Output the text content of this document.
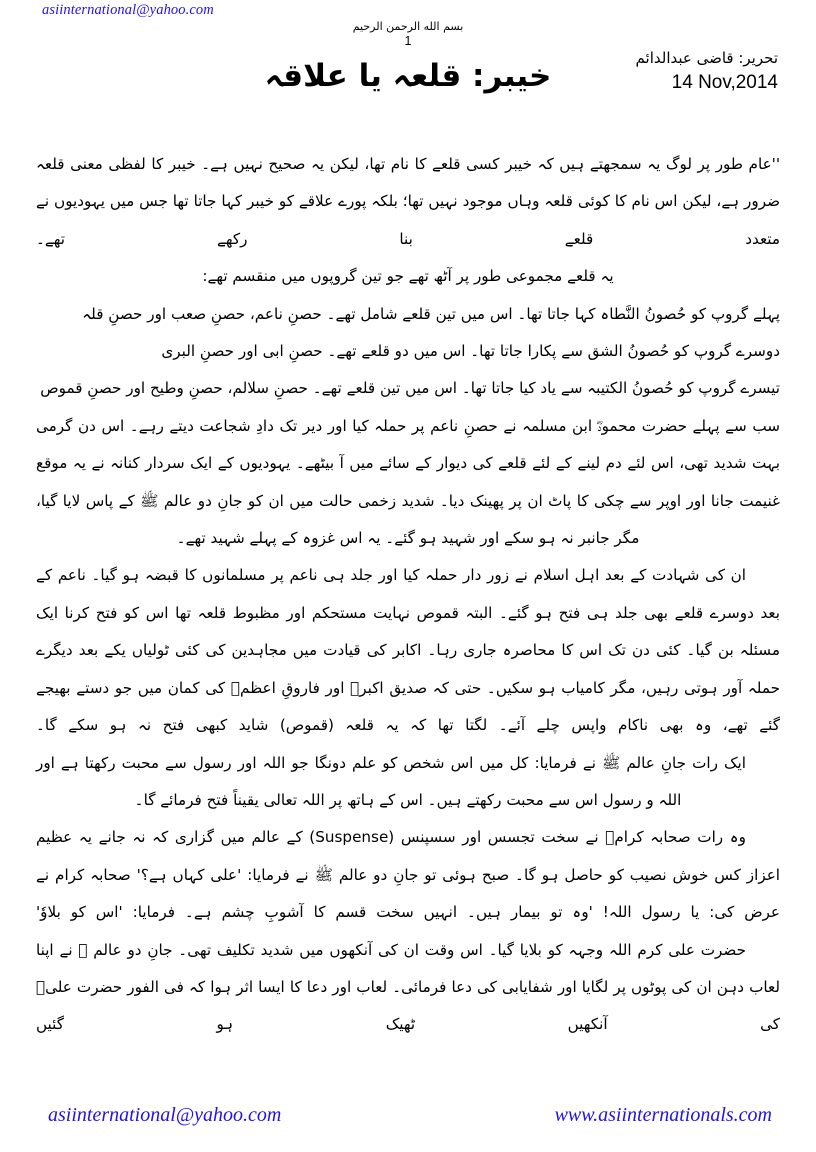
asiinternational@yahoo.com
بسم الله الرحمن الرحيم
1
تحریر: قاضی عبدالدائم
14 Nov,2014
خیبر: قلعہ یا علاقہ

''عام طور پر لوگ یہ سمجھتے ہیں کہ خیبر کسی قلعے کا نام تھا، لیکن یہ صحیح نہیں ہے۔ خیبر کا لفظی معنی قلعہ ضرور ہے، لیکن اس نام کا کوئی قلعہ وہاں موجود نہیں تھا؛ بلکہ پورے علاقے کو خیبر کہا جاتا تھا جس میں یہودیوں نے متعدد قلعے بنا رکھے تھے۔

یہ قلعے مجموعی طور پر آٹھ تھے جو تین گروپوں میں منقسم تھے:

پہلے گروپ کو حُصونُ النَّطاہ کہا جاتا تھا۔ اس میں تین قلعے شامل تھے۔ حصنِ ناعم، حصنِ صعب اور حصنِ قلہ

دوسرے گروپ کو حُصونُ الشق سے پکارا جاتا تھا۔ اس میں دو قلعے تھے۔ حصنِ ابی اور حصنِ البری

تیسرے گروپ کو حُصونُ الکتیبہ سے یاد کیا جاتا تھا۔ اس میں تین قلعے تھے۔ حصنِ سلالم، حصنِ وطیح اور حصنِ قموص

سب سے پہلے حضرت محمودؓ ابن مسلمہ نے حصنِ ناعم پر حملہ کیا اور دیر تک دادِ شجاعت دیتے رہے۔ اس دن گرمی بہت شدید تھی، اس لئے دم لینے کے لئے قلعے کی دیوار کے سائے میں آ بیٹھے۔ یہودیوں کے ایک سردار کنانہ نے یہ موقع غنیمت جانا اور اوپر سے چکی کا پاٹ ان پر پھینک دیا۔ شدید زخمی حالت میں ان کو جانِ دو عالم ﷺ کے پاس لایا گیا، مگر جانبر نہ ہو سکے اور شہید ہو گئے۔ یہ اس غزوہ کے پہلے شہید تھے۔

ان کی شہادت کے بعد اہل اسلام نے زور دار حملہ کیا اور جلد ہی ناعم پر مسلمانوں کا قبضہ ہو گیا۔ ناعم کے بعد دوسرے قلعے بھی جلد ہی فتح ہو گئے۔ البتہ قموص نہایت مستحکم اور مظبوط قلعہ تھا اس کو فتح کرنا ایک مسئلہ بن گیا۔ کئی دن تک اس کا محاصرہ جاری رہا۔ اکابر کی قیادت میں مجاہدین کی کئی ٹولیاں یکے بعد دیگرے حملہ آور ہوتی رہیں، مگر کامیاب ہو سکیں۔ حتی کہ صدیق اکبرؓ اور فاروقِ اعظمؓ کی کمان میں جو دستے بھیجے گئے تھے، وہ بھی ناکام واپس چلے آئے۔ لگتا تھا کہ یہ قلعہ (قموص) شاید کبھی فتح نہ ہو سکے گا۔

ایک رات جانِ عالم ﷺ نے فرمایا: کل میں اس شخص کو علم دونگا جو اللہ اور رسول سے محبت رکھتا ہے اور اللہ و رسول اس سے محبت رکھتے ہیں۔ اس کے ہاتھ پر اللہ تعالی یقیناً فتح فرمائے گا۔

وہ رات صحابہ کرامؓ نے سخت تجسس اور سسپنس (Suspense) کے عالم میں گزاری کہ نہ جانے یہ عظیم اعزاز کس خوش نصیب کو حاصل ہو گا۔ صبح ہوئی تو جانِ دو عالم ﷺ نے فرمایا: 'علی کہاں ہے؟' صحابہ کرام نے عرض کی: یا رسول اللہ! 'وہ تو بیمار ہیں۔ انہیں سخت قسم کا آشوبِ چشم ہے۔ فرمایا: 'اس کو بلاوٗ'

حضرت علی کرم اللہ وجہہ کو بلایا گیا۔ اس وقت ان کی آنکھوں میں شدید تکلیف تھی۔ جانِ دو عالم ﷺ نے اپنا لعاب دہن ان کی پوٹوں پر لگایا اور شفایابی کی دعا فرمائی۔ لعاب اور دعا کا ایسا اثر ہوا کہ فی الفور حضرت علیؓ کی آنکھیں ٹھیک ہو گئیں

asiinternational@yahoo.com	www.asiinternationals.com
